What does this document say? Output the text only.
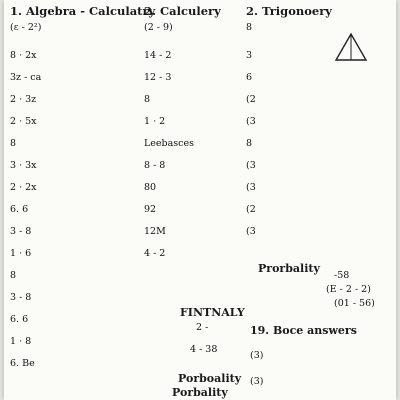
1. Algebra - Calculatry
(ε - 2²)
8 · 2x
3z - ca
2 · 3z
2 · 5x
8
3 · 3x
2 · 2x
6. 6
3 - 8
1 · 6
8
3 - 8
6. 6
1 · 8
6. Be
2. Calculery
(2 - 9)
14 - 2
12 - 3
8
1 · 2
Leebasces
8 - 8
80
92
12M
4 - 2
FINTNALY
2 -
4 - 38
Porboality
Porbality
2. Trigonoery
8
3
6
(2
(3
8
(3
(3
(2
(3
Prorbality
-58
(E - 2 - 2)
(01 - 56)
19. Boce answers
(3)
(3)
